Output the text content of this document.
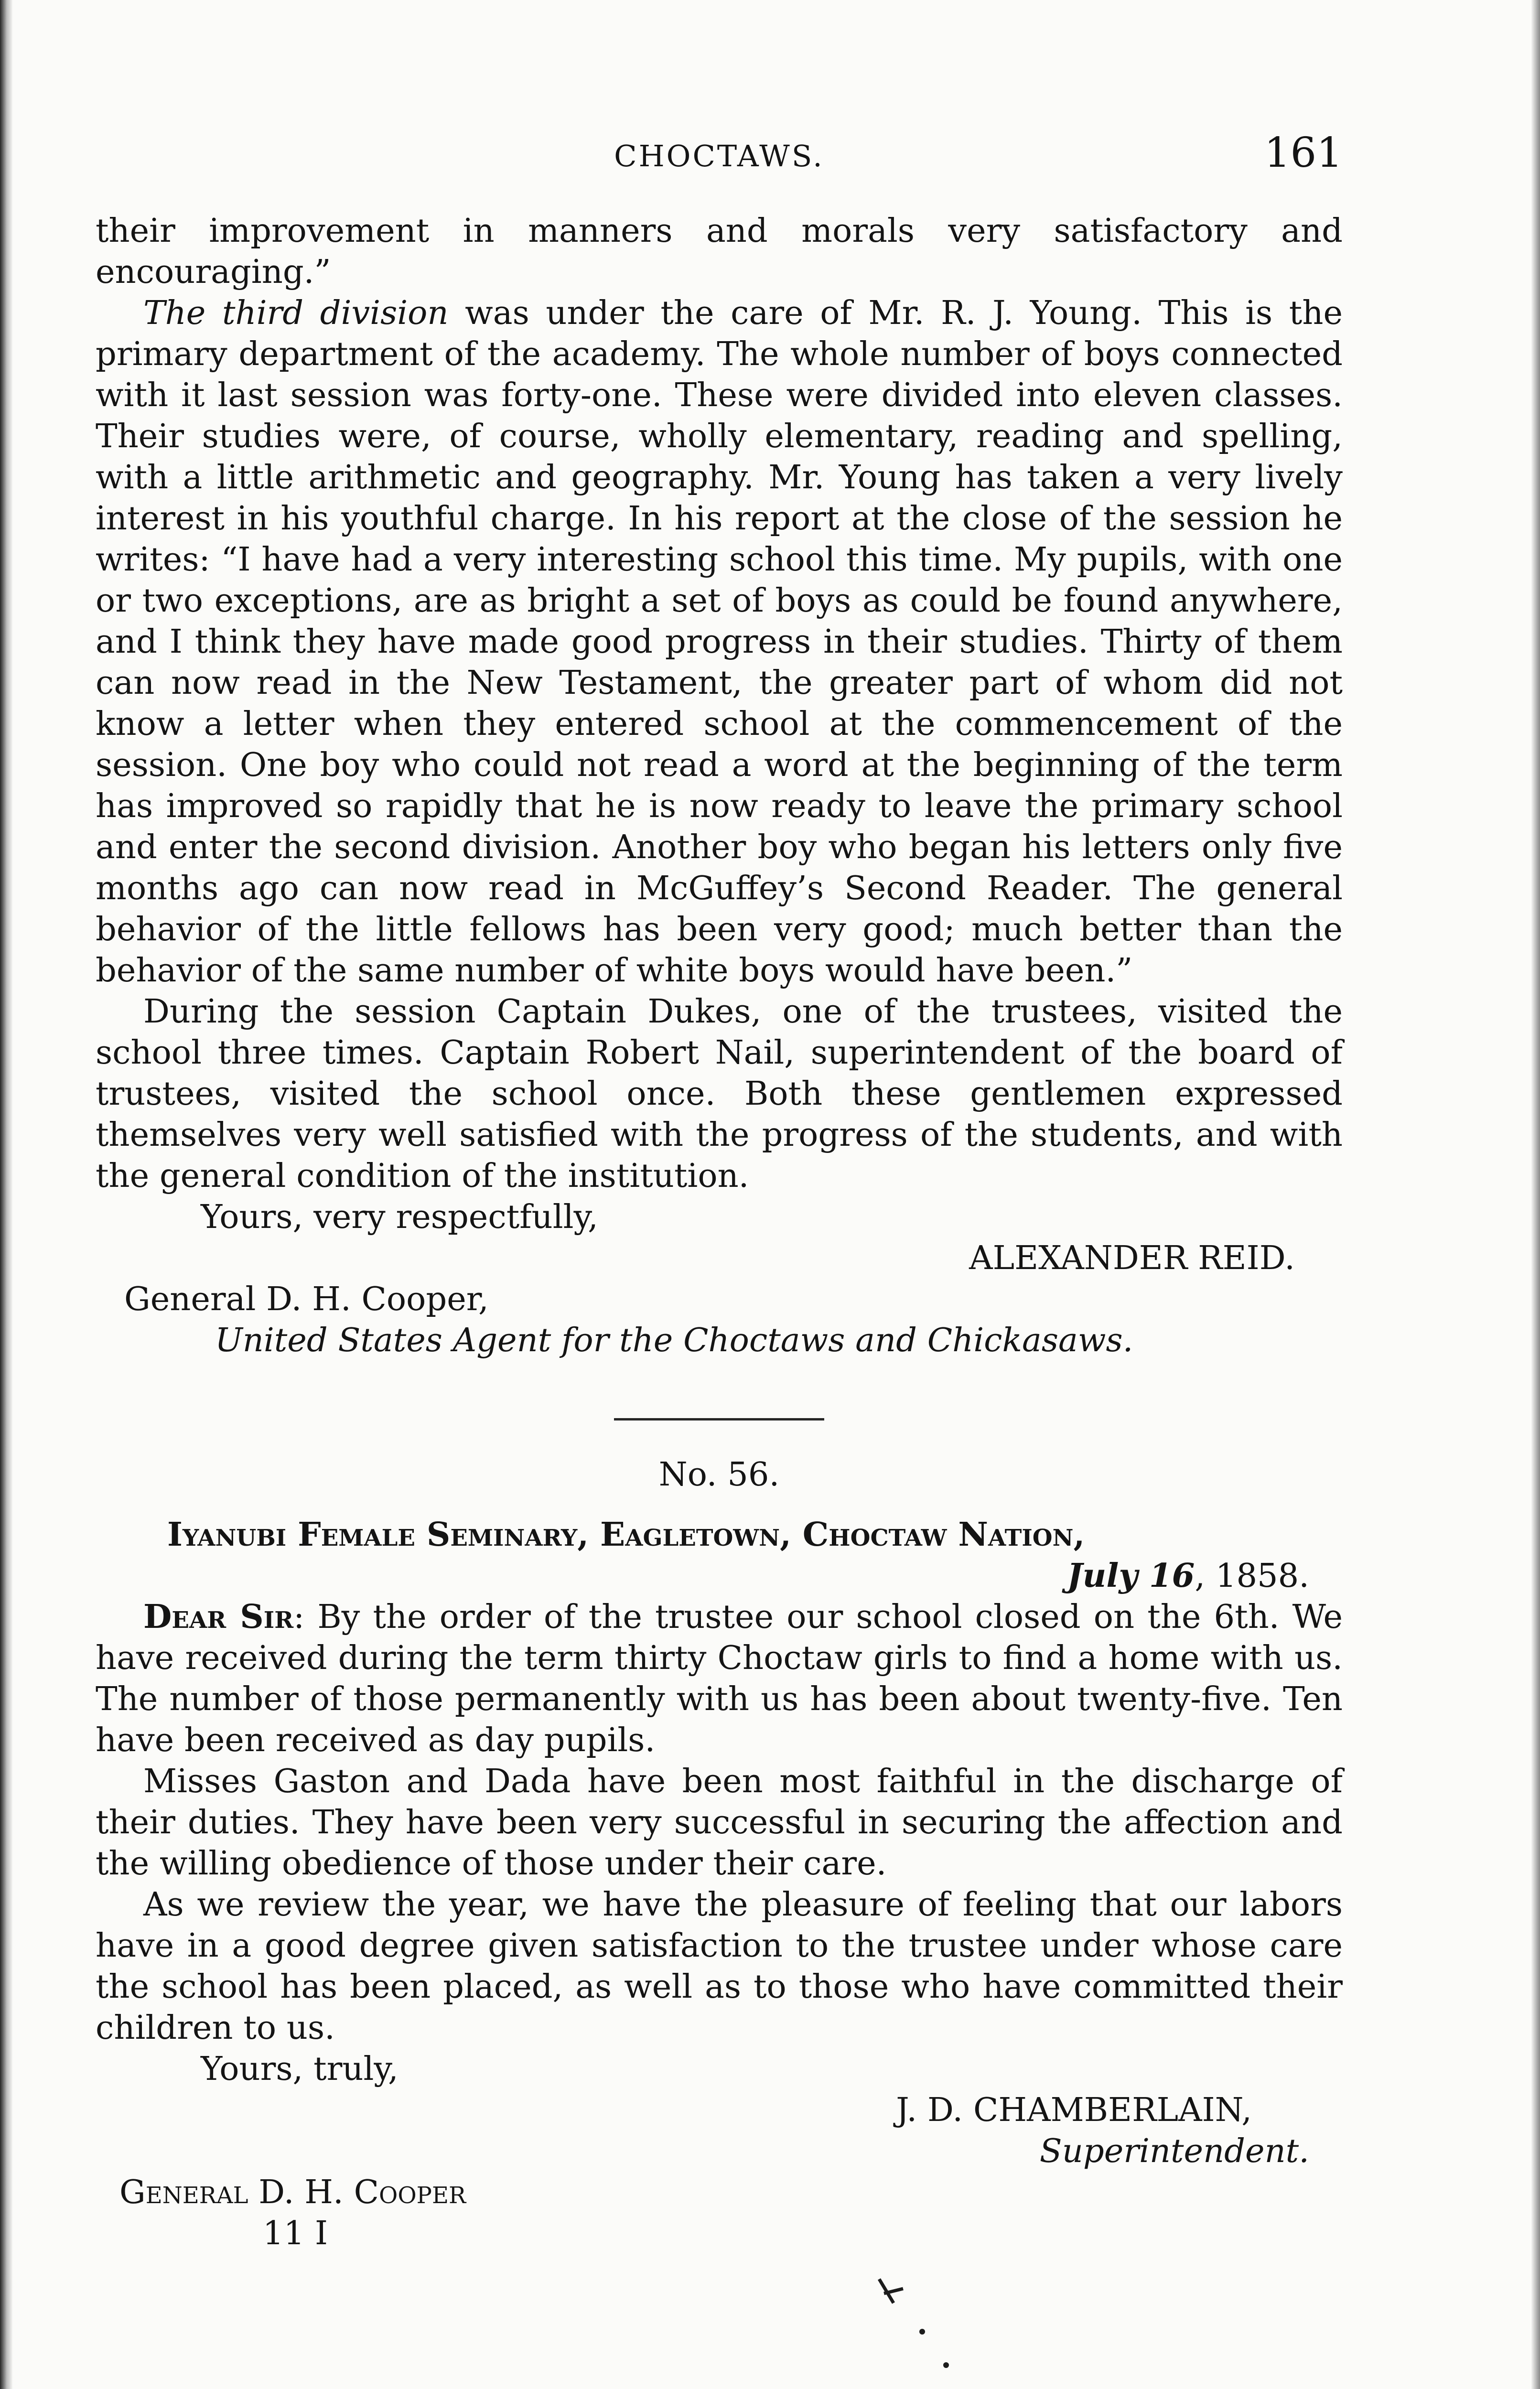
CHOCTAWS.	161

their improvement in manners and morals very satisfactory and encouraging.”

The third division was under the care of Mr. R. J. Young. This is the primary department of the academy. The whole number of boys connected with it last session was forty-one. These were divided into eleven classes. Their studies were, of course, wholly elementary, reading and spelling, with a little arithmetic and geography. Mr. Young has taken a very lively interest in his youthful charge. In his report at the close of the session he writes: “I have had a very interesting school this time. My pupils, with one or two exceptions, are as bright a set of boys as could be found anywhere, and I think they have made good progress in their studies. Thirty of them can now read in the New Testament, the greater part of whom did not know a letter when they entered school at the commencement of the session. One boy who could not read a word at the beginning of the term has improved so rapidly that he is now ready to leave the primary school and enter the second division. Another boy who began his letters only five months ago can now read in McGuffey’s Second Reader. The general behavior of the little fellows has been very good; much better than the behavior of the same number of white boys would have been.”

During the session Captain Dukes, one of the trustees, visited the school three times. Captain Robert Nail, superintendent of the board of trustees, visited the school once. Both these gentlemen expressed themselves very well satisfied with the progress of the students, and with the general condition of the institution.

Yours, very respectfully,

ALEXANDER REID.

General D. H. Cooper,

United States Agent for the Choctaws and Chickasaws.

No. 56.

Iyanubi Female Seminary, Eagletown, Choctaw Nation,

July 16, 1858.

Dear Sir: By the order of the trustee our school closed on the 6th. We have received during the term thirty Choctaw girls to find a home with us. The number of those permanently with us has been about twenty-five. Ten have been received as day pupils.

Misses Gaston and Dada have been most faithful in the discharge of their duties. They have been very successful in securing the affection and the willing obedience of those under their care.

As we review the year, we have the pleasure of feeling that our labors have in a good degree given satisfaction to the trustee under whose care the school has been placed, as well as to those who have committed their children to us.

Yours, truly,

J. D. CHAMBERLAIN,

Superintendent.

General D. H. Cooper

11 I
